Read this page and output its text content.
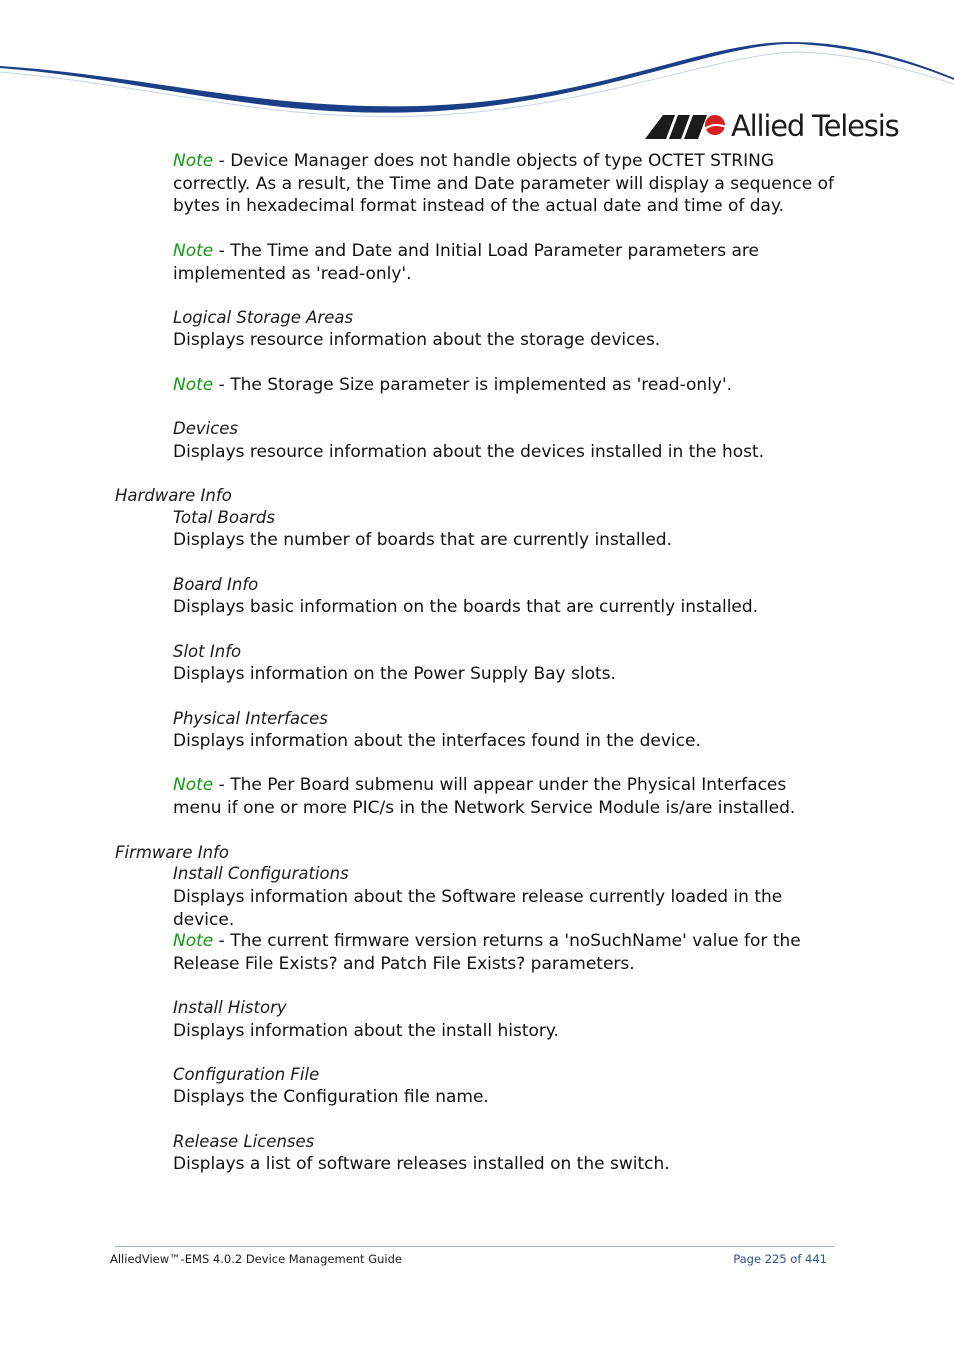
Allied Telesis
Note - Device Manager does not handle objects of type OCTET STRING correctly. As a result, the Time and Date parameter will display a sequence of bytes in hexadecimal format instead of the actual date and time of day.
Note - The Time and Date and Initial Load Parameter parameters are implemented as 'read-only'.
Logical Storage Areas
Displays resource information about the storage devices.
Note - The Storage Size parameter is implemented as 'read-only'.
Devices
Displays resource information about the devices installed in the host.
Hardware Info
Total Boards
Displays the number of boards that are currently installed.
Board Info
Displays basic information on the boards that are currently installed.
Slot Info
Displays information on the Power Supply Bay slots.
Physical Interfaces
Displays information about the interfaces found in the device.
Note - The Per Board submenu will appear under the Physical Interfaces menu if one or more PIC/s in the Network Service Module is/are installed.
Firmware Info
Install Configurations
Displays information about the Software release currently loaded in the device.
Note - The current firmware version returns a 'noSuchName' value for the Release File Exists? and Patch File Exists? parameters.
Install History
Displays information about the install history.
Configuration File
Displays the Configuration file name.
Release Licenses
Displays a list of software releases installed on the switch.
AlliedView™-EMS 4.0.2 Device Management Guide	Page 225 of 441
